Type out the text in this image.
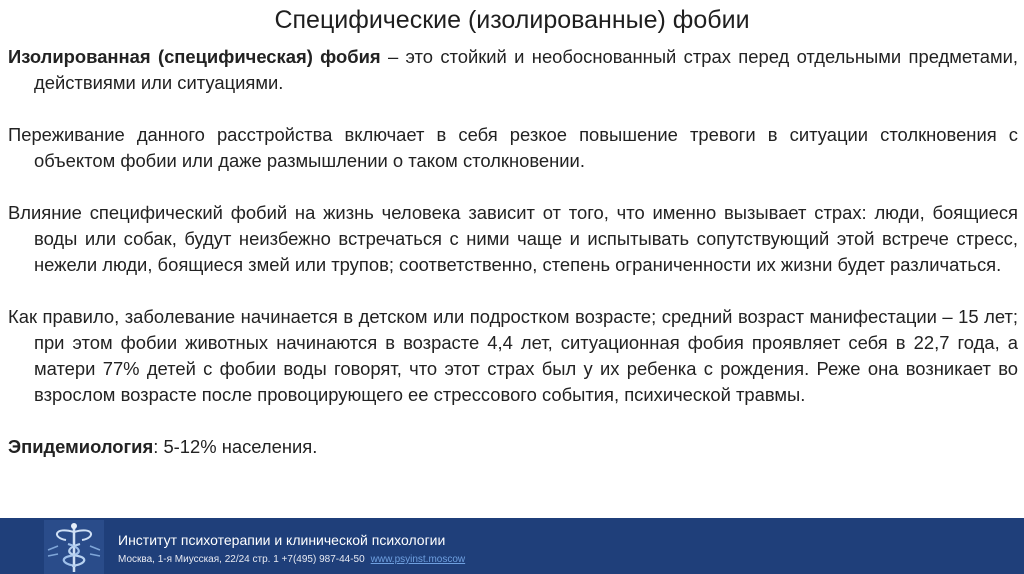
Специфические (изолированные) фобии

Изолированная (специфическая) фобия – это стойкий и необоснованный страх перед отдельными предметами, действиями или ситуациями.

Переживание данного расстройства включает в себя резкое повышение тревоги в ситуации столкновения с объектом фобии или даже размышлении о таком столкновении.

Влияние специфический фобий на жизнь человека зависит от того, что именно вызывает страх: люди, боящиеся воды или собак, будут неизбежно встречаться с ними чаще и испытывать сопутствующий этой встрече стресс, нежели люди, боящиеся змей или трупов; соответственно, степень ограниченности их жизни будет различаться.

Как правило, заболевание начинается в детском или подростком возрасте; средний возраст манифестации – 15 лет; при этом фобии животных начинаются в возрасте 4,4 лет, ситуационная фобия проявляет себя в 22,7 года, а матери 77% детей с фобии воды говорят, что этот страх был у их ребенка с рождения. Реже она возникает во взрослом возрасте после провоцирующего ее стрессового события, психической травмы.

Эпидемиология: 5-12% населения.

Институт психотерапии и клинической психологии
Москва, 1-я Миусская, 22/24 стр. 1 +7(495) 987-44-50 www.psyinst.moscow
